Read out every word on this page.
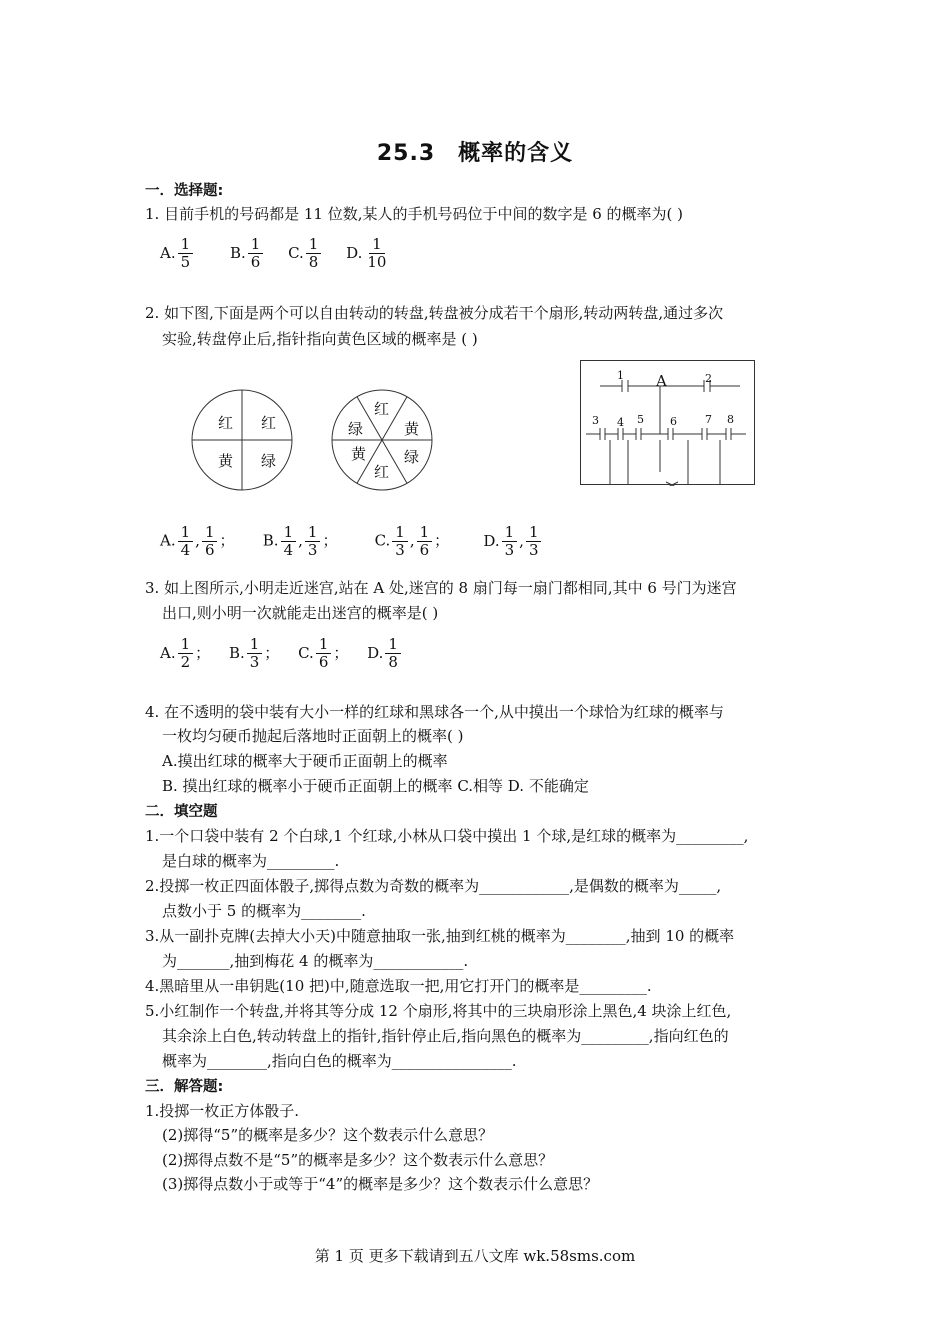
25.3　概率的含义
一．选择题:
1. 目前手机的号码都是 11 位数,某人的手机号码位于中间的数字是 6 的概率为( )
A. $\frac{1}{5} B$. $\frac{1}{6} C$. $\frac{1}{8} D$. $\frac{1}{10}$
2. 如下图,下面是两个可以自由转动的转盘,转盘被分成若干个扇形,转动两转盘,通过多次
实验,转盘停止后,指针指向黄色区域的概率是 ( )
红 红
黄 绿
红
黄
绿
黄	绿
红
A
1	2
3 4 5 6	7 8
A. $\frac{1}{4}$ , $\frac{1}{6}$ ； B. $\frac{1}{4}$ , $\frac{1}{3}$ ； C. $\frac{1}{3}$ , $\frac{1}{6}$ ； D. $\frac{1}{3}$ , $\frac{1}{3}$
3. 如上图所示,小明走近迷宫,站在 A 处,迷宫的 8 扇门每一扇门都相同,其中 6 号门为迷宫
出口,则小明一次就能走出迷宫的概率是( )
A. $\frac{1}{2}$ ； B. $\frac{1}{3}$ ； C. $\frac{1}{6}$ ； D. $\frac{1}{8}$
4. 在不透明的袋中装有大小一样的红球和黑球各一个,从中摸出一个球恰为红球的概率与
一枚均匀硬币抛起后落地时正面朝上的概率( )
A.摸出红球的概率大于硬币正面朝上的概率
B. 摸出红球的概率小于硬币正面朝上的概率 C.相等 D. 不能确定
二．填空题
1.一个口袋中装有 2 个白球,1 个红球,小林从口袋中摸出 1 个球,是红球的概率为_________,
是白球的概率为_________.
2.投掷一枚正四面体骰子,掷得点数为奇数的概率为____________,是偶数的概率为_____,
点数小于 5 的概率为________.
3.从一副扑克牌(去掉大小天)中随意抽取一张,抽到红桃的概率为________,抽到 10 的概率
为_______,抽到梅花 4 的概率为____________.
4.黑暗里从一串钥匙(10 把)中,随意选取一把,用它打开门的概率是_________.
5.小红制作一个转盘,并将其等分成 12 个扇形,将其中的三块扇形涂上黑色,4 块涂上红色,
其余涂上白色,转动转盘上的指针,指针停止后,指向黑色的概率为_________,指向红色的
概率为________,指向白色的概率为________________.
三．解答题:
1.投掷一枚正方体骰子.
(2)掷得“5”的概率是多少？这个数表示什么意思？
(2)掷得点数不是“5”的概率是多少？这个数表示什么意思？
(3)掷得点数小于或等于“4”的概率是多少？这个数表示什么意思？
第 1 页 更多下载请到五八文库 wk.58sms.com
